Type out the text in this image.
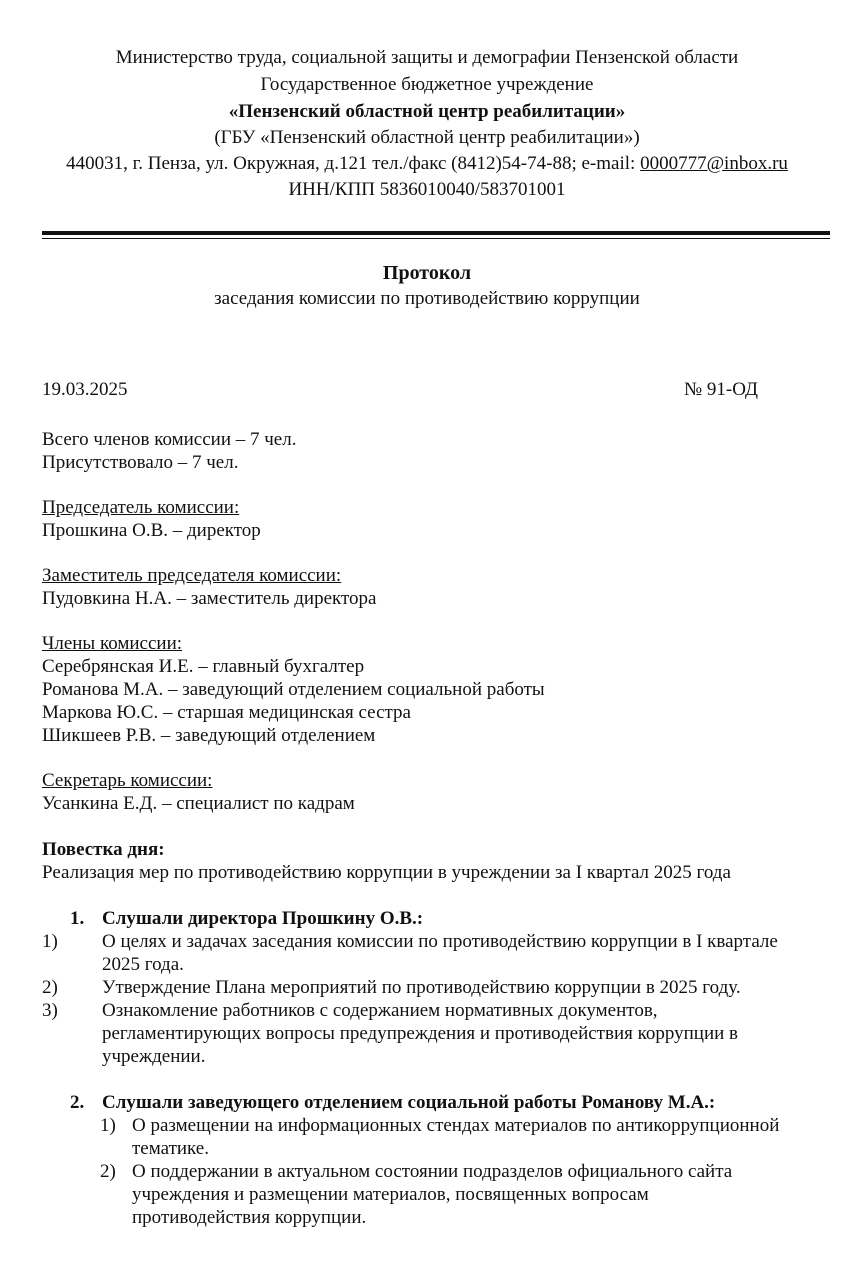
Министерство труда, социальной защиты и демографии Пензенской области
Государственное бюджетное учреждение
«Пензенский областной центр реабилитации»
(ГБУ «Пензенский областной центр реабилитации»)
440031, г. Пенза, ул. Окружная, д.121 тел./факс (8412)54-74-88; e-mail: 0000777@inbox.ru
ИНН/КПП 5836010040/583701001
Протокол
заседания комиссии по противодействию коррупции
19.03.2025	№ 91-ОД
Всего членов комиссии – 7 чел.
Присутствовало – 7 чел.
Председатель комиссии:
Прошкина О.В. – директор
Заместитель председателя комиссии:
Пудовкина Н.А. – заместитель директора
Члены комиссии:
Серебрянская И.Е. – главный бухгалтер
Романова М.А. – заведующий отделением социальной работы
Маркова Ю.С. – старшая медицинская сестра
Шикшеев Р.В. – заведующий отделением
Секретарь комиссии:
Усанкина Е.Д. – специалист по кадрам
Повестка дня:
Реализация мер по противодействию коррупции в учреждении за I квартал 2025 года
1. Слушали директора Прошкину О.В.:
1) О целях и задачах заседания комиссии по противодействию коррупции в I квартале
2025 года.
2) Утверждение Плана мероприятий по противодействию коррупции в 2025 году.
3) Ознакомление работников с содержанием нормативных документов,
регламентирующих вопросы предупреждения и противодействия коррупции в
учреждении.
2. Слушали заведующего отделением социальной работы Романову М.А.:
1) О размещении на информационных стендах материалов по антикоррупционной
тематике.
2) О поддержании в актуальном состоянии подразделов официального сайта
учреждения и размещении материалов, посвященных вопросам
противодействия коррупции.
